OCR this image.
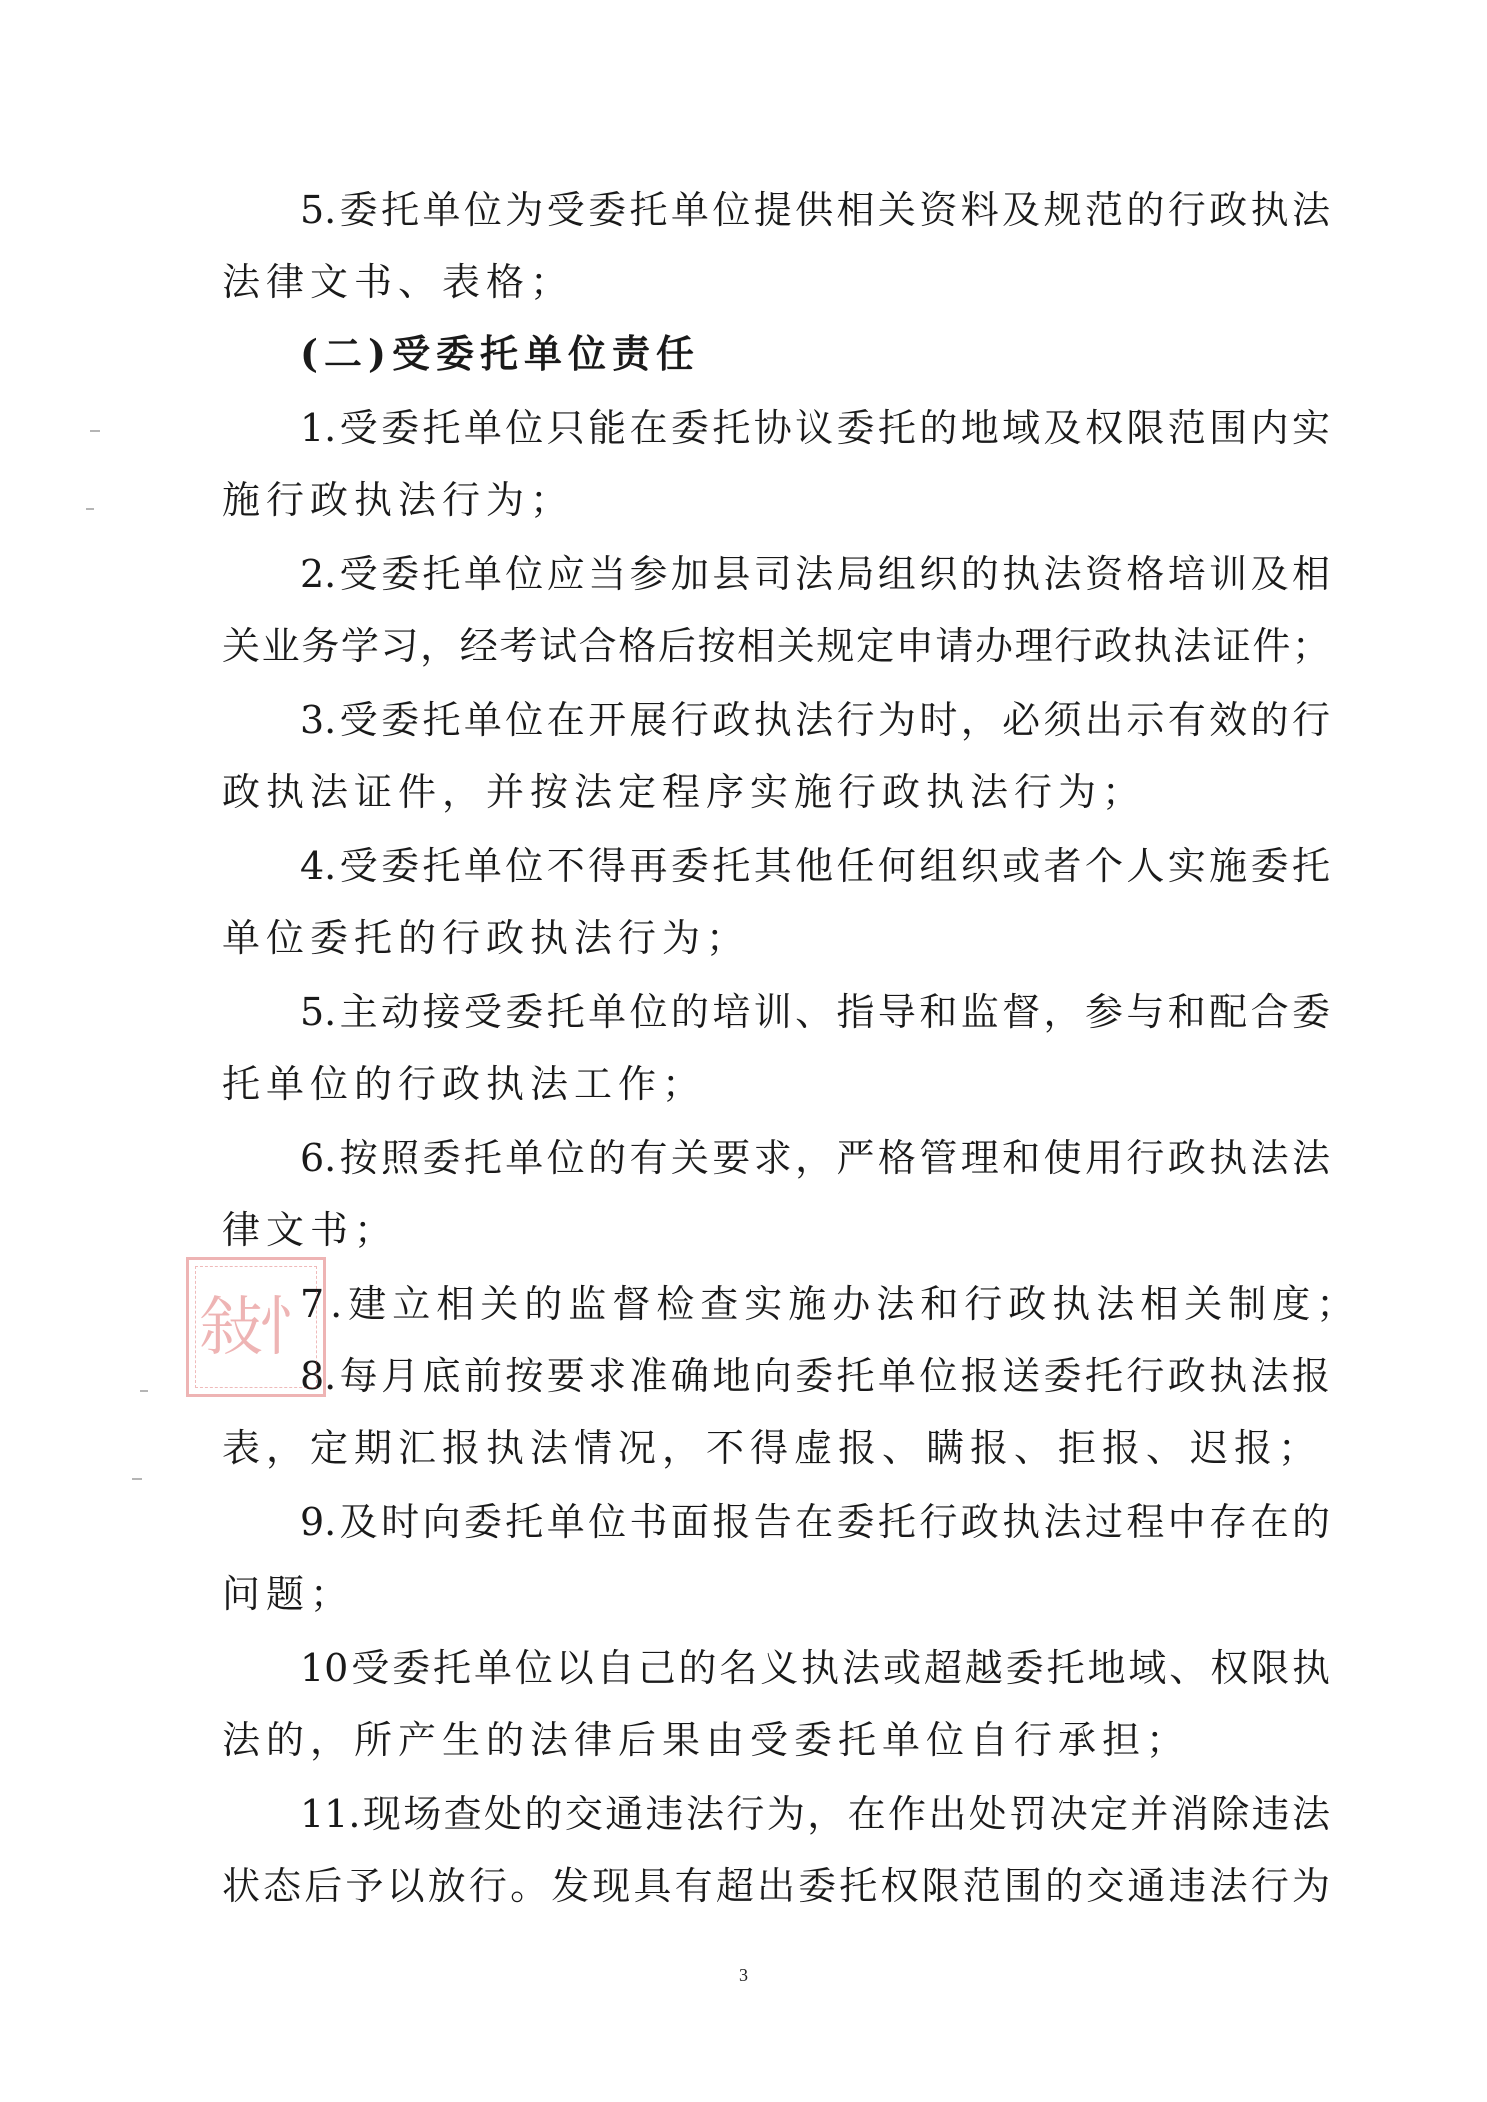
5.委托单位为受委托单位提供相关资料及规范的行政执法
法律文书、表格；
(二)受委托单位责任
1.受委托单位只能在委托协议委托的地域及权限范围内实
施行政执法行为；
2.受委托单位应当参加县司法局组织的执法资格培训及相
关业务学习，经考试合格后按相关规定申请办理行政执法证件；
3.受委托单位在开展行政执法行为时，必须出示有效的行
政执法证件，并按法定程序实施行政执法行为；
4.受委托单位不得再委托其他任何组织或者个人实施委托
单位委托的行政执法行为；
5.主动接受委托单位的培训、指导和监督，参与和配合委
托单位的行政执法工作；
6.按照委托单位的有关要求，严格管理和使用行政执法法
律文书；
7.建立相关的监督检查实施办法和行政执法相关制度；
8.每月底前按要求准确地向委托单位报送委托行政执法报
表，定期汇报执法情况，不得虚报、瞒报、拒报、迟报；
9.及时向委托单位书面报告在委托行政执法过程中存在的
问题；
10受委托单位以自己的名义执法或超越委托地域、权限执
法的，所产生的法律后果由受委托单位自行承担；
11.现场查处的交通违法行为，在作出处罚决定并消除违法
状态后予以放行。发现具有超出委托权限范围的交通违法行为
敍
忄
3
